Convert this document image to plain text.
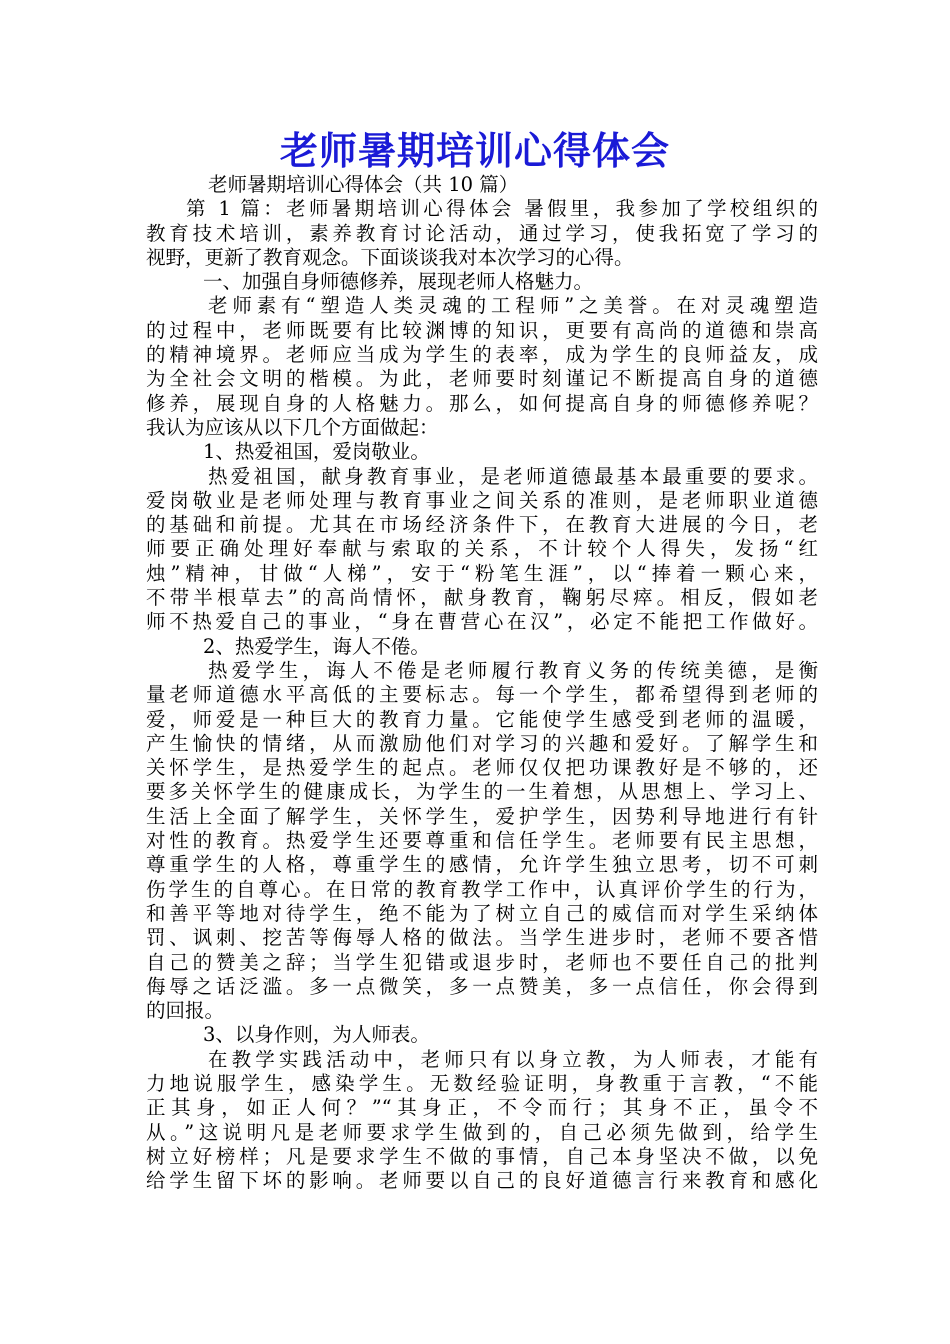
老师暑期培训心得体会
老师暑期培训心得体会（共 10 篇）
第 1 篇：老师暑期培训心得体会 暑假里，我参加了学校组织的
教育技术培训，素养教育讨论活动，通过学习，使我拓宽了学习的
视野，更新了教育观念。下面谈谈我对本次学习的心得。
一、加强自身师德修养，展现老师人格魅力。
老师素有“塑造人类灵魂的工程师”之美誉。在对灵魂塑造
的过程中，老师既要有比较渊博的知识，更要有高尚的道德和崇高
的精神境界。老师应当成为学生的表率，成为学生的良师益友，成
为全社会文明的楷模。为此，老师要时刻谨记不断提高自身的道德
修养，展现自身的人格魅力。那么，如何提高自身的师德修养呢？
我认为应该从以下几个方面做起：
1、热爱祖国，爱岗敬业。
热爱祖国，献身教育事业，是老师道德最基本最重要的要求。
爱岗敬业是老师处理与教育事业之间关系的准则，是老师职业道德
的基础和前提。尤其在市场经济条件下，在教育大进展的今日，老
师要正确处理好奉献与索取的关系，不计较个人得失，发扬“红
烛”精神，甘做“人梯”，安于“粉笔生涯”，以“捧着一颗心来，
不带半根草去”的高尚情怀，献身教育，鞠躬尽瘁。相反，假如老
师不热爱自己的事业，“身在曹营心在汉”，必定不能把工作做好。
2、热爱学生，诲人不倦。
热爱学生，诲人不倦是老师履行教育义务的传统美德，是衡
量老师道德水平高低的主要标志。每一个学生，都希望得到老师的
爱，师爱是一种巨大的教育力量。它能使学生感受到老师的温暖，
产生愉快的情绪，从而激励他们对学习的兴趣和爱好。了解学生和
关怀学生，是热爱学生的起点。老师仅仅把功课教好是不够的，还
要多关怀学生的健康成长，为学生的一生着想，从思想上、学习上、
生活上全面了解学生，关怀学生，爱护学生，因势利导地进行有针
对性的教育。热爱学生还要尊重和信任学生。老师要有民主思想，
尊重学生的人格，尊重学生的感情，允许学生独立思考，切不可刺
伤学生的自尊心。在日常的教育教学工作中，认真评价学生的行为，
和善平等地对待学生，绝不能为了树立自己的威信而对学生采纳体
罚、讽刺、挖苦等侮辱人格的做法。当学生进步时，老师不要吝惜
自己的赞美之辞；当学生犯错或退步时，老师也不要任自己的批判
侮辱之话泛滥。多一点微笑，多一点赞美，多一点信任，你会得到
的回报。
3、以身作则，为人师表。
在教学实践活动中，老师只有以身立教，为人师表，才能有
力地说服学生，感染学生。无数经验证明，身教重于言教，“不能
正其身，如正人何？”“其身正，不令而行；其身不正，虽令不
从。”这说明凡是老师要求学生做到的，自己必须先做到，给学生
树立好榜样；凡是要求学生不做的事情，自己本身坚决不做，以免
给学生留下坏的影响。老师要以自己的良好道德言行来教育和感化
